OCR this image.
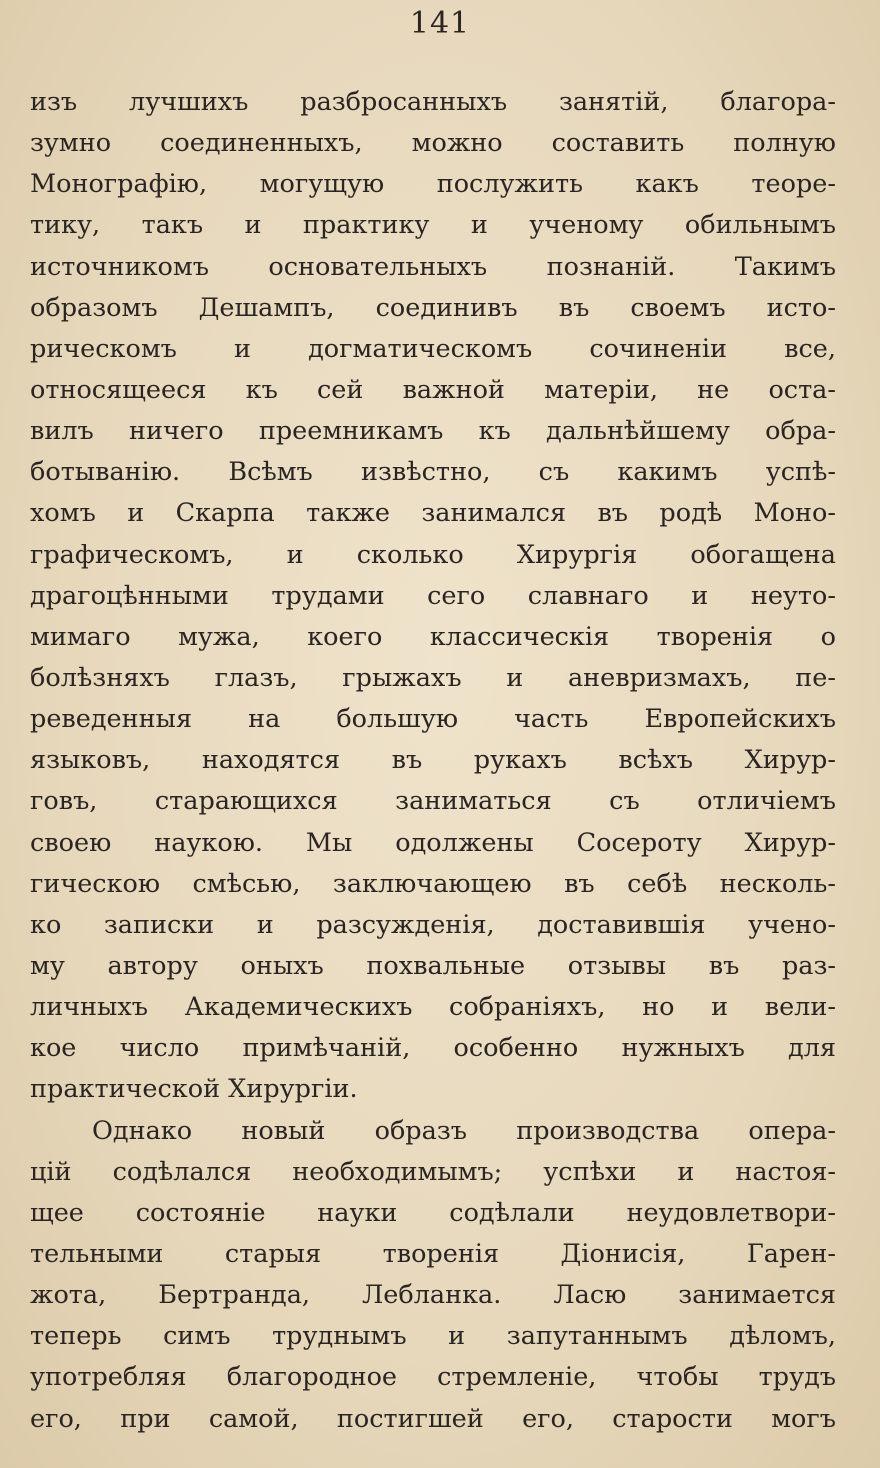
141
изъ лучшихъ разбросанныхъ занятій, благора-
зумно соединенныхъ, можно составить полную
Монографію, могущую послужить какъ теоре-
тику, такъ и практику и ученому обильнымъ
источникомъ основательныхъ познаній. Такимъ
образомъ Дешампъ, соединивъ въ своемъ исто-
рическомъ и догматическомъ сочиненіи все,
относящееся къ сей важной матеріи, не оста-
вилъ ничего преемникамъ къ дальнѣйшему обра-
ботыванію. Всѣмъ извѣстно, съ какимъ успѣ-
хомъ и Скарпа также занимался въ родѣ Моно-
графическомъ, и сколько Хирургія обогащена
драгоцѣнными трудами сего славнаго и неуто-
мимаго мужа, коего классическія творенія о
болѣзняхъ глазъ, грыжахъ и аневризмахъ, пе-
реведенныя на большую часть Европейскихъ
языковъ, находятся въ рукахъ всѣхъ Хирур-
говъ, старающихся заниматься съ отличіемъ
своею наукою. Мы одолжены Сосероту Хирур-
гическою смѣсью, заключающею въ себѣ несколь-
ко записки и разсужденія, доставившія учено-
му автору оныхъ похвальные отзывы въ раз-
личныхъ Академическихъ собраніяхъ, но и вели-
кое число примѣчаній, особенно нужныхъ для
практической Хирургіи.
Однако новый образъ производства опера-
цій содѣлался необходимымъ; успѣхи и настоя-
щее состояніе науки содѣлали неудовлетвори-
тельными старыя творенія Діонисія, Гарен-
жота, Бертранда, Лебланка. Ласю занимается
теперь симъ труднымъ и запутаннымъ дѣломъ,
употребляя благородное стремленіе, чтобы трудъ
его, при самой, постигшей его, старости могъ
